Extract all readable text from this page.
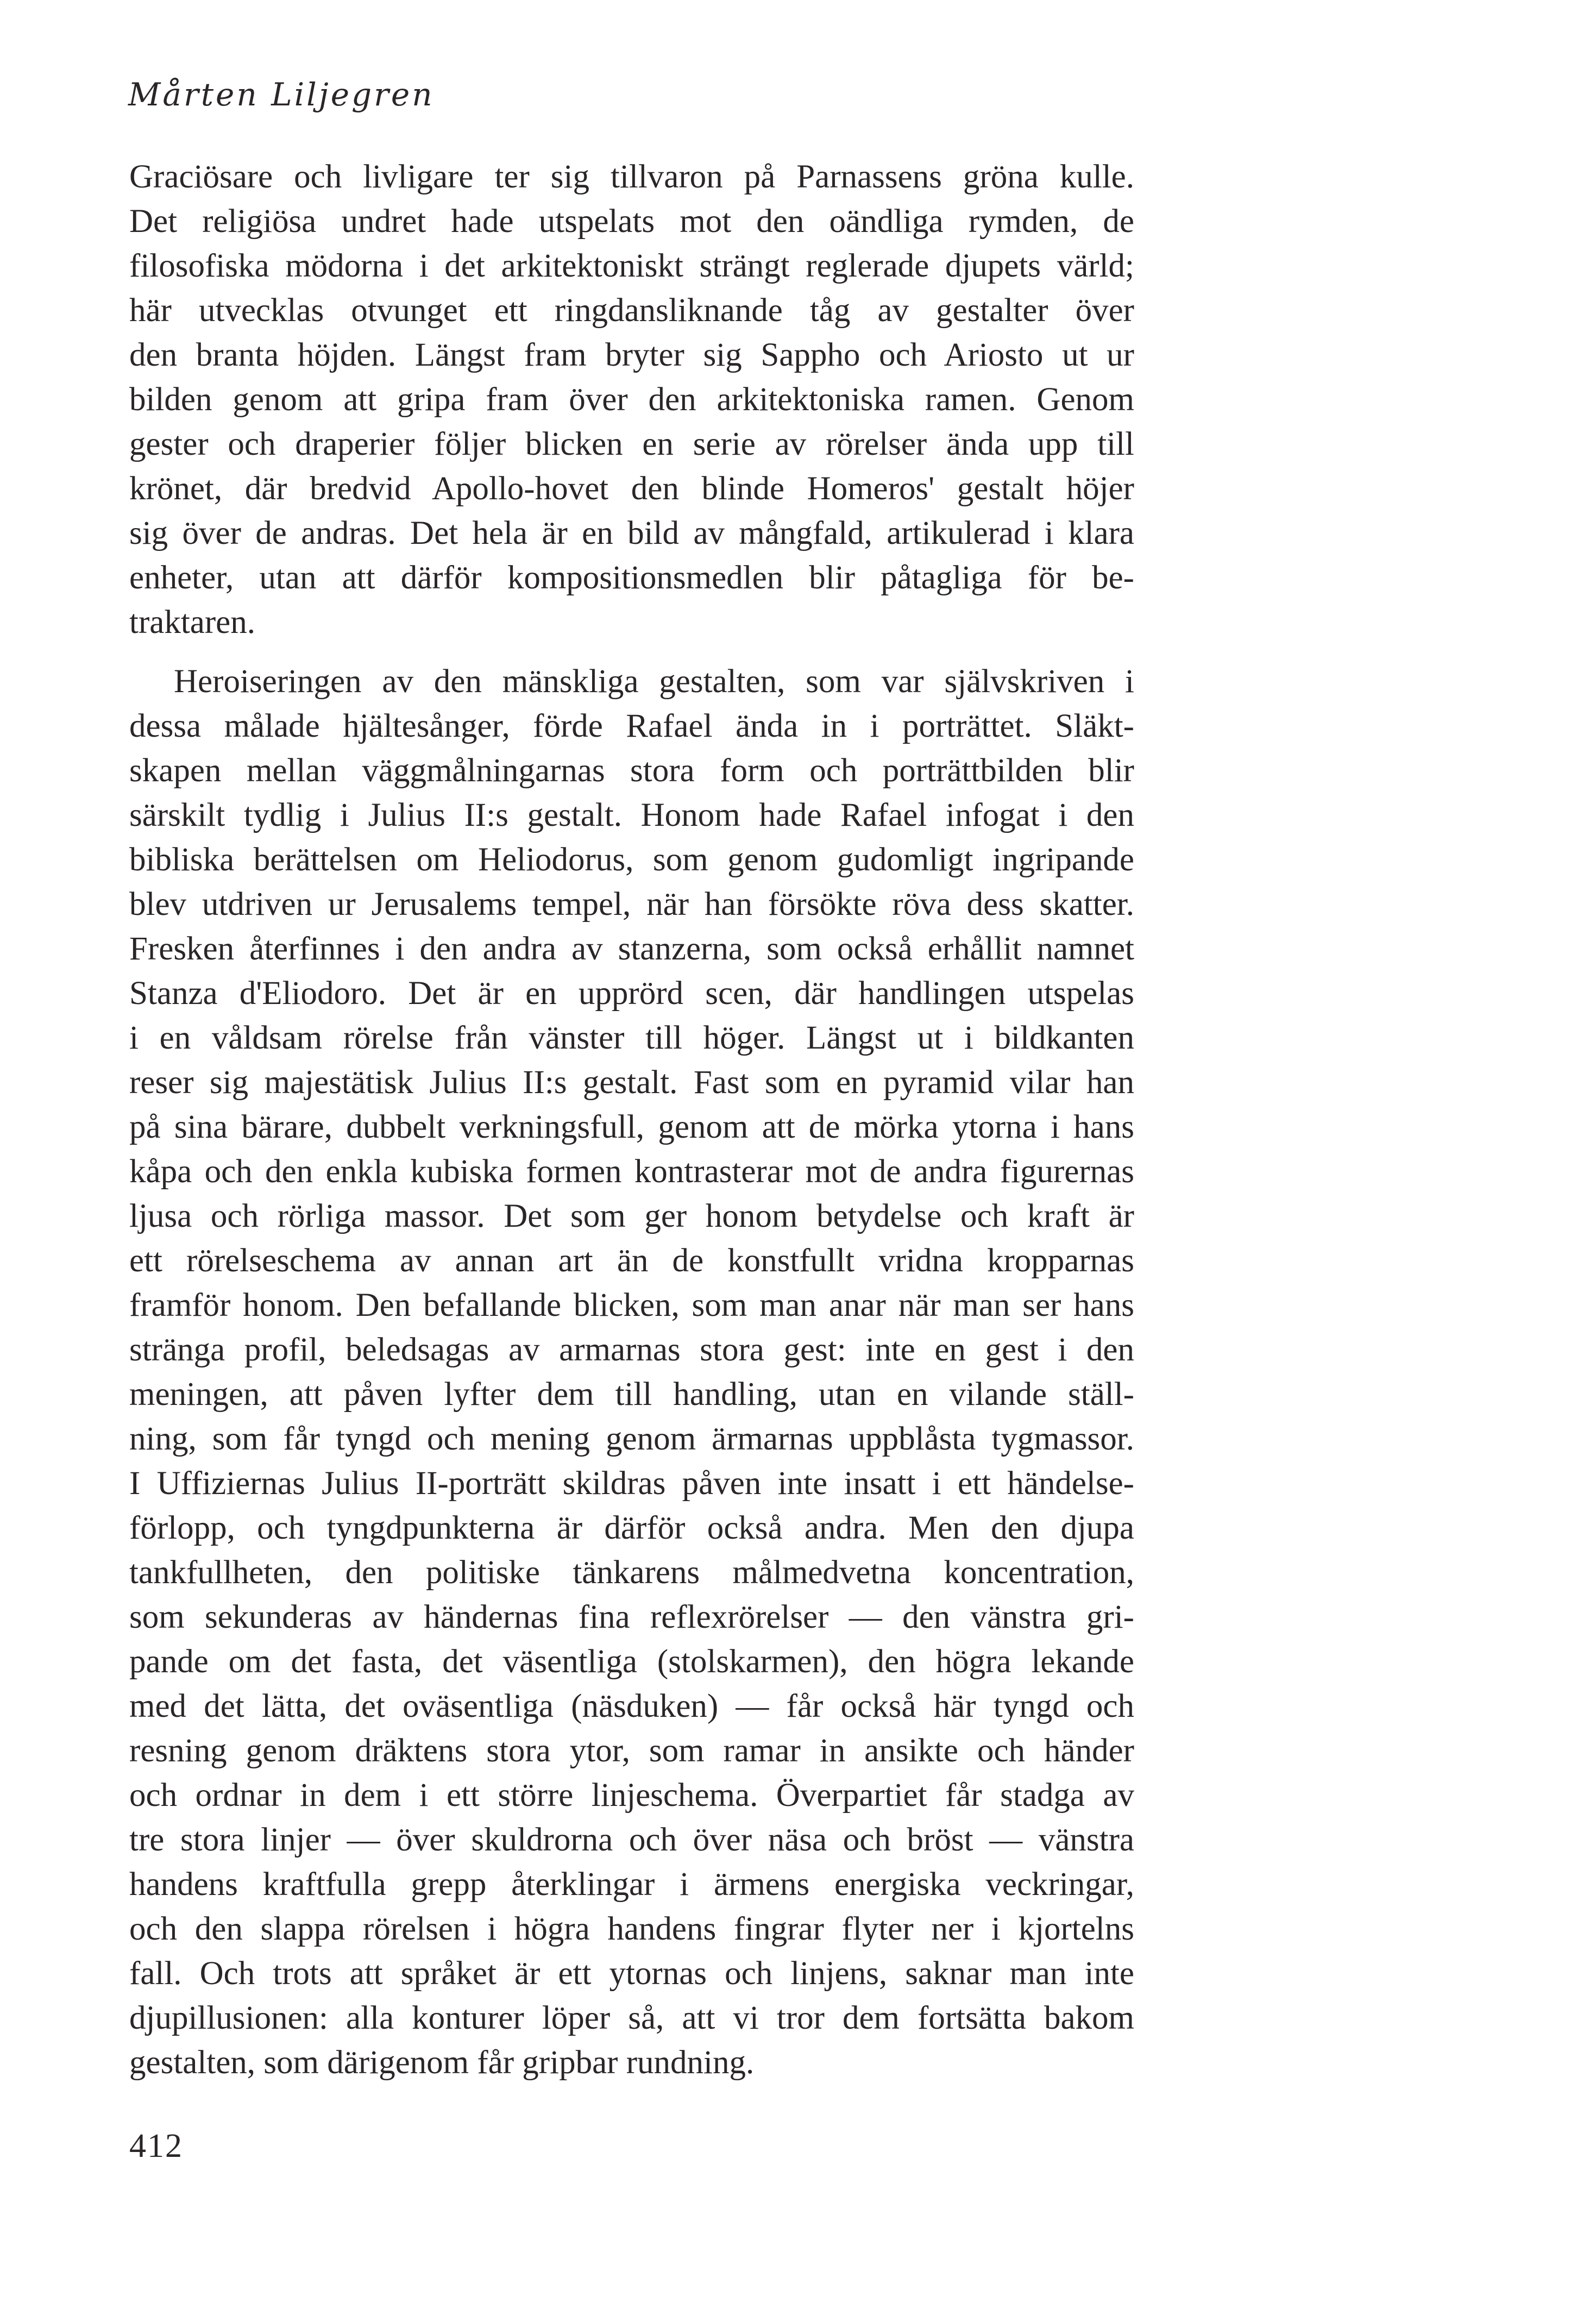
Mårten Liljegren

Graciösare och livligare ter sig tillvaron på Parnassens gröna kulle.
Det religiösa undret hade utspelats mot den oändliga rymden, de
filosofiska mödorna i det arkitektoniskt strängt reglerade djupets värld;
här utvecklas otvunget ett ringdansliknande tåg av gestalter över
den branta höjden. Längst fram bryter sig Sappho och Ariosto ut ur
bilden genom att gripa fram över den arkitektoniska ramen. Genom
gester och draperier följer blicken en serie av rörelser ända upp till
krönet, där bredvid Apollo-hovet den blinde Homeros' gestalt höjer
sig över de andras. Det hela är en bild av mångfald, artikulerad i klara
enheter, utan att därför kompositionsmedlen blir påtagliga för be-
traktaren.

Heroiseringen av den mänskliga gestalten, som var självskriven i
dessa målade hjältesånger, förde Rafael ända in i porträttet. Släkt-
skapen mellan väggmålningarnas stora form och porträttbilden blir
särskilt tydlig i Julius II:s gestalt. Honom hade Rafael infogat i den
bibliska berättelsen om Heliodorus, som genom gudomligt ingripande
blev utdriven ur Jerusalems tempel, när han försökte röva dess skatter.
Fresken återfinnes i den andra av stanzerna, som också erhållit namnet
Stanza d'Eliodoro. Det är en upprörd scen, där handlingen utspelas
i en våldsam rörelse från vänster till höger. Längst ut i bildkanten
reser sig majestätisk Julius II:s gestalt. Fast som en pyramid vilar han
på sina bärare, dubbelt verkningsfull, genom att de mörka ytorna i hans
kåpa och den enkla kubiska formen kontrasterar mot de andra figurernas
ljusa och rörliga massor. Det som ger honom betydelse och kraft är
ett rörelseschema av annan art än de konstfullt vridna kropparnas
framför honom. Den befallande blicken, som man anar när man ser hans
stränga profil, beledsagas av armarnas stora gest: inte en gest i den
meningen, att påven lyfter dem till handling, utan en vilande ställ-
ning, som får tyngd och mening genom ärmarnas uppblåsta tygmassor.
I Uffiziernas Julius II-porträtt skildras påven inte insatt i ett händelse-
förlopp, och tyngdpunkterna är därför också andra. Men den djupa
tankfullheten, den politiske tänkarens målmedvetna koncentration,
som sekunderas av händernas fina reflexrörelser — den vänstra gri-
pande om det fasta, det väsentliga (stolskarmen), den högra lekande
med det lätta, det oväsentliga (näsduken) — får också här tyngd och
resning genom dräktens stora ytor, som ramar in ansikte och händer
och ordnar in dem i ett större linjeschema. Överpartiet får stadga av
tre stora linjer — över skuldrorna och över näsa och bröst — vänstra
handens kraftfulla grepp återklingar i ärmens energiska veckringar,
och den slappa rörelsen i högra handens fingrar flyter ner i kjortelns
fall. Och trots att språket är ett ytornas och linjens, saknar man inte
djupillusionen: alla konturer löper så, att vi tror dem fortsätta bakom
gestalten, som därigenom får gripbar rundning.

412
